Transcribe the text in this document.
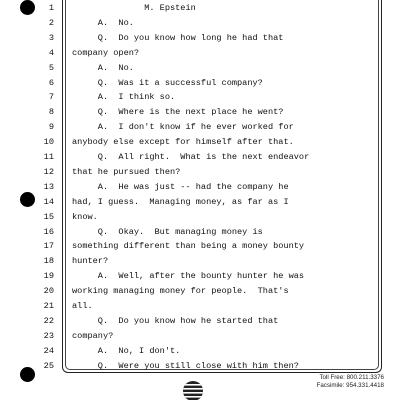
1 M. Epstein
2 A.  No.
3 Q.  Do you know how long he had that
4 company open?
5 A.  No.
6 Q.  Was it a successful company?
7 A.  I think so.
8 Q.  Where is the next place he went?
9 A.  I don't know if he ever worked for
10 anybody else except for himself after that.
11 Q.  All right.  What is the next endeavor
12 that he pursued then?
13 A.  He was just -- had the company he
14 had, I guess.  Managing money, as far as I
15 know.
16 Q.  Okay.  But managing money is
17 something different than being a money bounty
18 hunter?
19 A.  Well, after the bounty hunter he was
20 working managing money for people.  That's
21 all.
22 Q.  Do you know how he started that
23 company?
24 A.  No, I don't.
25 Q.  Were you still close with him then?
Toll Free: 800.211.3376
Facsimile: 954.331.4418
